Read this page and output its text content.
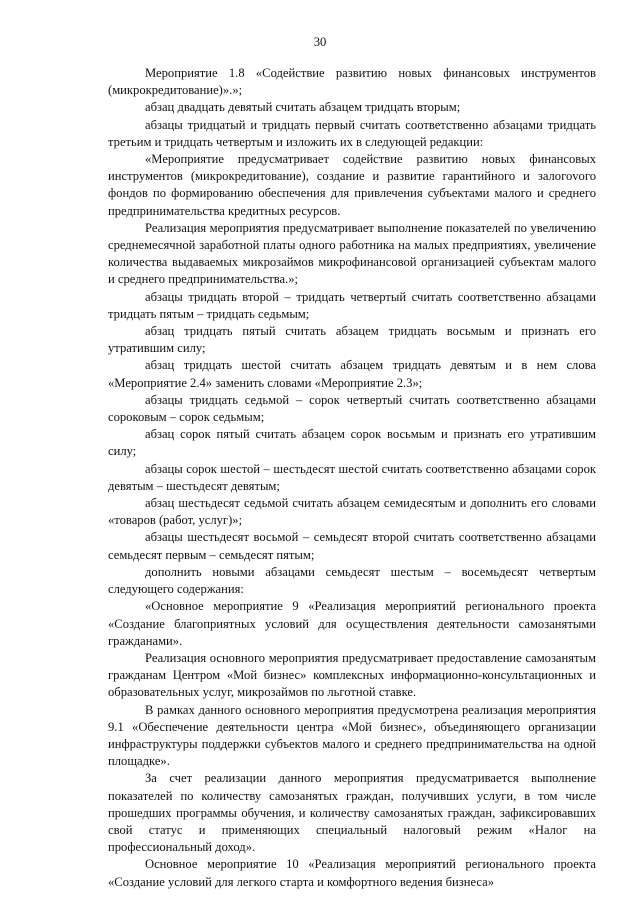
30

Мероприятие 1.8 «Содействие развитию новых финансовых инструментов (микрокредитование)».»;

абзац двадцать девятый считать абзацем тридцать вторым;

абзацы тридцатый и тридцать первый считать соответственно абзацами тридцать третьим и тридцать четвертым и изложить их в следующей редакции:

«Мероприятие предусматривает содействие развитию новых финансовых инструментов (микрокредитование), создание и развитие гарантийного и залогоvого фондов по формированию обеспечения для привлечения субъектами малого и среднего предпринимательства кредитных ресурсов.

Реализация мероприятия предусматривает выполнение показателей по увеличению среднемесячной заработной платы одного работника на малых предприятиях, увеличение количества выдаваемых микрозаймов микрофинансовой организацией субъектам малого и среднего предпринимательства.»;

абзацы тридцать второй – тридцать четвертый считать соответственно абзацами тридцать пятым – тридцать седьмым;

абзац тридцать пятый считать абзацем тридцать восьмым и признать его утратившим силу;

абзац тридцать шестой считать абзацем тридцать девятым и в нем слова «Мероприятие 2.4» заменить словами «Мероприятие 2.3»;

абзацы тридцать седьмой – сорок четвертый считать соответственно абзацами сороковым – сорок седьмым;

абзац сорок пятый считать абзацем сорок восьмым и признать его утратившим силу;

абзацы сорок шестой – шестьдесят шестой считать соответственно абзацами сорок девятым – шестьдесят девятым;

абзац шестьдесят седьмой считать абзацем семидесятым и дополнить его словами «товаров (работ, услуг)»;

абзацы шестьдесят восьмой – семьдесят второй считать соответственно абзацами семьдесят первым – семьдесят пятым;

дополнить новыми абзацами семьдесят шестым – восемьдесят четвертым следующего содержания:

«Основное мероприятие 9 «Реализация мероприятий регионального проекта «Создание благоприятных условий для осуществления деятельности самозанятыми гражданами».

Реализация основного мероприятия предусматривает предоставление самозанятым гражданам Центром «Мой бизнес» комплексных информационно-консультационных и образовательных услуг, микрозаймов по льготной ставке.

В рамках данного основного мероприятия предусмотрена реализация мероприятия 9.1 «Обеспечение деятельности центра «Мой бизнес», объединяющего организации инфраструктуры поддержки субъектов малого и среднего предпринимательства на одной площадке».

За счет реализации данного мероприятия предусматривается выполнение показателей по количеству самозанятых граждан, получивших услуги, в том числе прошедших программы обучения, и количеству самозанятых граждан, зафиксировавших свой статус и применяющих специальный налоговый режим «Налог на профессиональный доход».

Основное мероприятие 10 «Реализация мероприятий регионального проекта «Создание условий для легкого старта и комфортного ведения бизнеса»
